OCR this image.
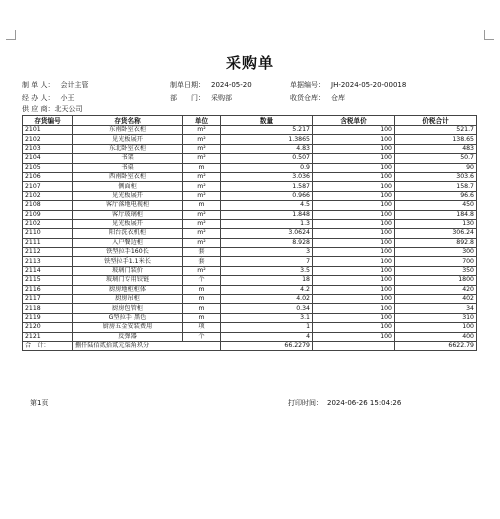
采购单
制 单 人： 会计主管	制单日期： 2024-05-20	单据编号： JH-2024-05-20-00018
经 办 人： 小王	部　　门： 采购部	收货仓库： 仓库
供 应 商：北天公司
存货编号	存货名称	单位	数量	含税单价	价税合计
2101	东南卧室衣柜	m²	5.217	100	521.7
2102	见光板展开	m²	1.3865	100	138.65
2103	东北卧室衣柜	m²	4.83	100	483
2104	书架	m²	0.507	100	50.7
2105	书桌	m	0.9	100	90
2106	西南卧室衣柜	m²	3.036	100	303.6
2107	侧面柜	m²	1.587	100	158.7
2102	见光板展开	m²	0.966	100	96.6
2108	客厅落地电视柜	m	4.5	100	450
2109	客厅玻璃柜	m²	1.848	100	184.8
2102	见光板展开	m²	1.3	100	130
2110	阳台洗衣机柜	m²	3.0624	100	306.24
2111	入户餐边柜	m²	8.928	100	892.8
2112	铁型拉手160长	套	3	100	300
2113	铁型拉手1.1米长	套	7	100	700
2114	玻璃门装价	m²	3.5	100	350
2115	玻璃门专用铰链	个	18	100	1800
2116	厨房地柜柜体	m	4.2	100	420
2117	厨房吊柜	m	4.02	100	402
2118	厨房包管柜	m	0.34	100	34
2119	G型拉手 黑色	m	3.1	100	310
2120	厨房五金安装费用	项	1	100	100
2121	反弹器	个	4	100	400
合　计：	捌仟陆佰贰拾贰元柒角玖分		66.2279		6622.79
第1页	打印时间： 2024-06-26 15:04:26
